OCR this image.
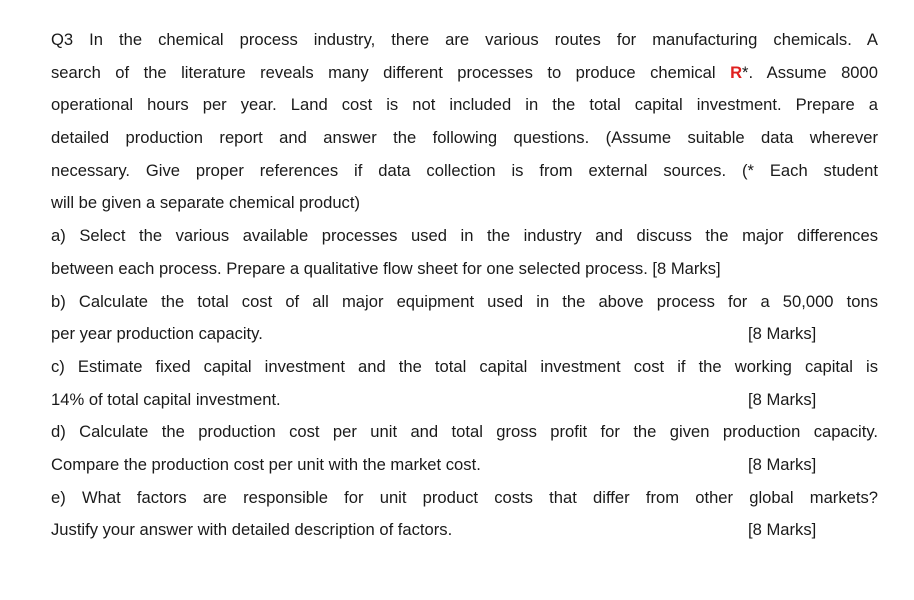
Q3 In the chemical process industry, there are various routes for manufacturing chemicals. A
search of the literature reveals many different processes to produce chemical R*. Assume 8000
operational hours per year. Land cost is not included in the total capital investment. Prepare a
detailed production report and answer the following questions. (Assume suitable data wherever
necessary. Give proper references if data collection is from external sources. (* Each student
will be given a separate chemical product)
a) Select the various available processes used in the industry and discuss the major differences
between each process. Prepare a qualitative flow sheet for one selected process. [8 Marks]
b) Calculate the total cost of all major equipment used in the above process for a 50,000 tons
per year production capacity.	[8 Marks]
c) Estimate fixed capital investment and the total capital investment cost if the working capital is
14% of total capital investment.	[8 Marks]
d) Calculate the production cost per unit and total gross profit for the given production capacity.
Compare the production cost per unit with the market cost.	[8 Marks]
e) What factors are responsible for unit product costs that differ from other global markets?
Justify your answer with detailed description of factors.	[8 Marks]
